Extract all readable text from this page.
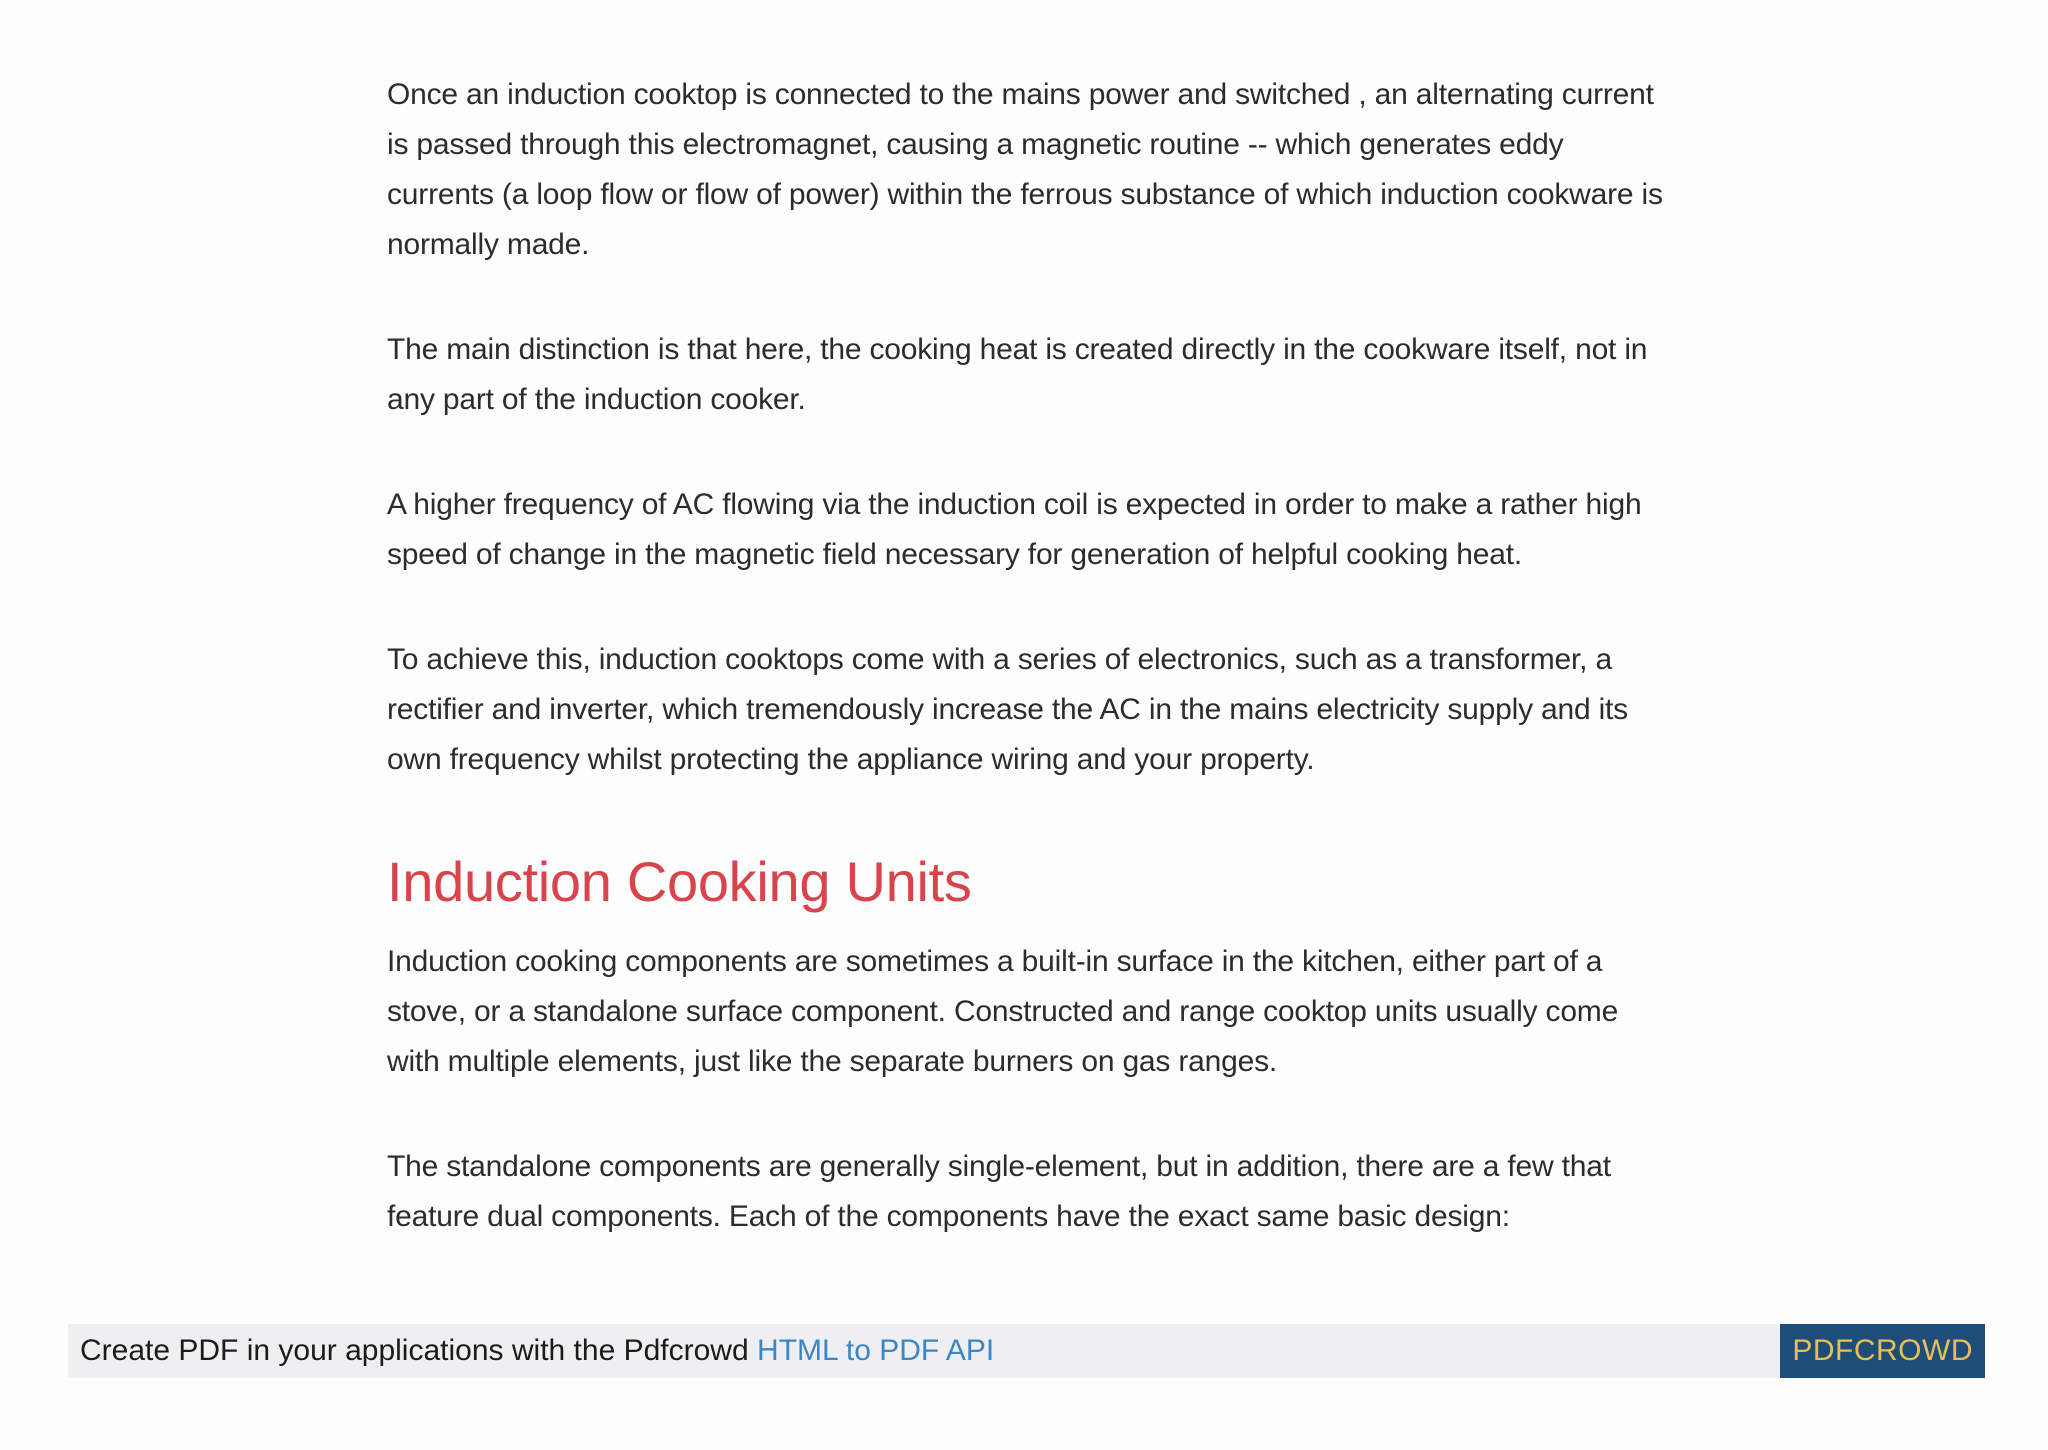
Once an induction cooktop is connected to the mains power and switched , an alternating current is passed through this electromagnet, causing a magnetic routine -- which generates eddy currents (a loop flow or flow of power) within the ferrous substance of which induction cookware is normally made.

The main distinction is that here, the cooking heat is created directly in the cookware itself, not in any part of the induction cooker.

A higher frequency of AC flowing via the induction coil is expected in order to make a rather high speed of change in the magnetic field necessary for generation of helpful cooking heat.

To achieve this, induction cooktops come with a series of electronics, such as a transformer, a rectifier and inverter, which tremendously increase the AC in the mains electricity supply and its own frequency whilst protecting the appliance wiring and your property.

Induction Cooking Units

Induction cooking components are sometimes a built-in surface in the kitchen, either part of a stove, or a standalone surface component. Constructed and range cooktop units usually come with multiple elements, just like the separate burners on gas ranges.

The standalone components are generally single-element, but in addition, there are a few that feature dual components. Each of the components have the exact same basic design:

Create PDF in your applications with the Pdfcrowd HTML to PDF API	PDFCROWD
